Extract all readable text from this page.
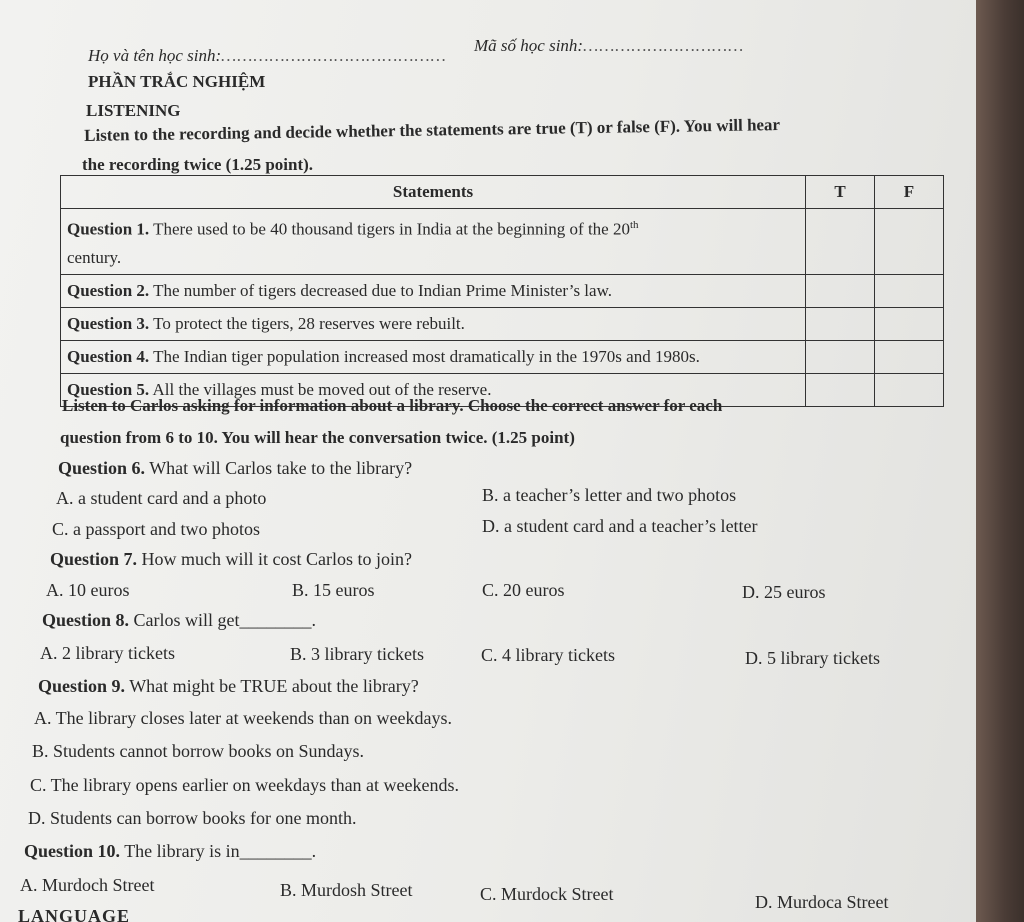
Họ và tên học sinh:……………………………………
Mã số học sinh:…………………………
PHẦN TRẮC NGHIỆM
LISTENING
Listen to the recording and decide whether the statements are true (T) or false (F). You will hear
the recording twice (1.25 point).
Statements	T	F
Question 1. There used to be 40 thousand tigers in India at the beginning of the 20th
century.		
Question 2. The number of tigers decreased due to Indian Prime Minister’s law.		
Question 3. To protect the tigers, 28 reserves were rebuilt.		
Question 4. The Indian tiger population increased most dramatically in the 1970s and 1980s.		
Question 5. All the villages must be moved out of the reserve.		
Listen to Carlos asking for information about a library. Choose the correct answer for each
question from 6 to 10. You will hear the conversation twice. (1.25 point)
Question 6. What will Carlos take to the library?
A. a student card and a photo	B. a teacher’s letter and two photos
C. a passport and two photos	D. a student card and a teacher’s letter
Question 7. How much will it cost Carlos to join?
A. 10 euros	B. 15 euros	C. 20 euros	D. 25 euros
Question 8. Carlos will get________.
A. 2 library tickets	B. 3 library tickets	C. 4 library tickets	D. 5 library tickets
Question 9. What might be TRUE about the library?
A. The library closes later at weekends than on weekdays.
B. Students cannot borrow books on Sundays.
C. The library opens earlier on weekdays than at weekends.
D. Students can borrow books for one month.
Question 10. The library is in________.
A. Murdoch Street	B. Murdosh Street	C. Murdock Street	D. Murdoca Street
LANGUAGE
